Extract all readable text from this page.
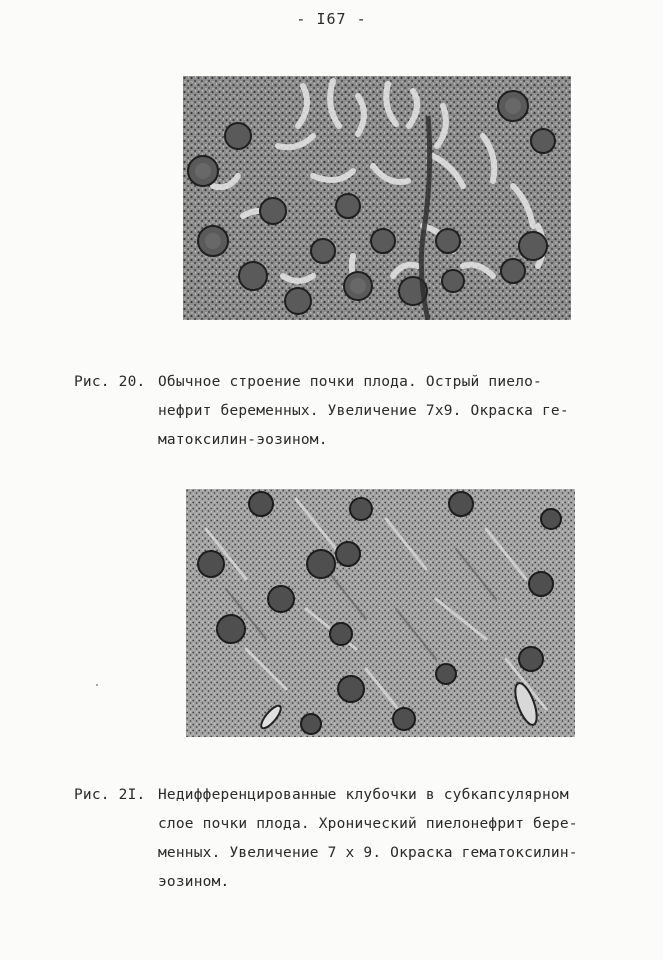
- I67 -
Рис. 20. Обычное строение почки плода. Острый пиело-
нефрит беременных. Увеличение 7х9. Окраска ге-
матоксилин-эозином.
Рис. 2I. Недифференцированные клубочки в субкапсулярном
слое почки плода. Хронический пиелонефрит бере-
менных. Увеличение 7 х 9. Окраска гематоксилин-
эозином.
